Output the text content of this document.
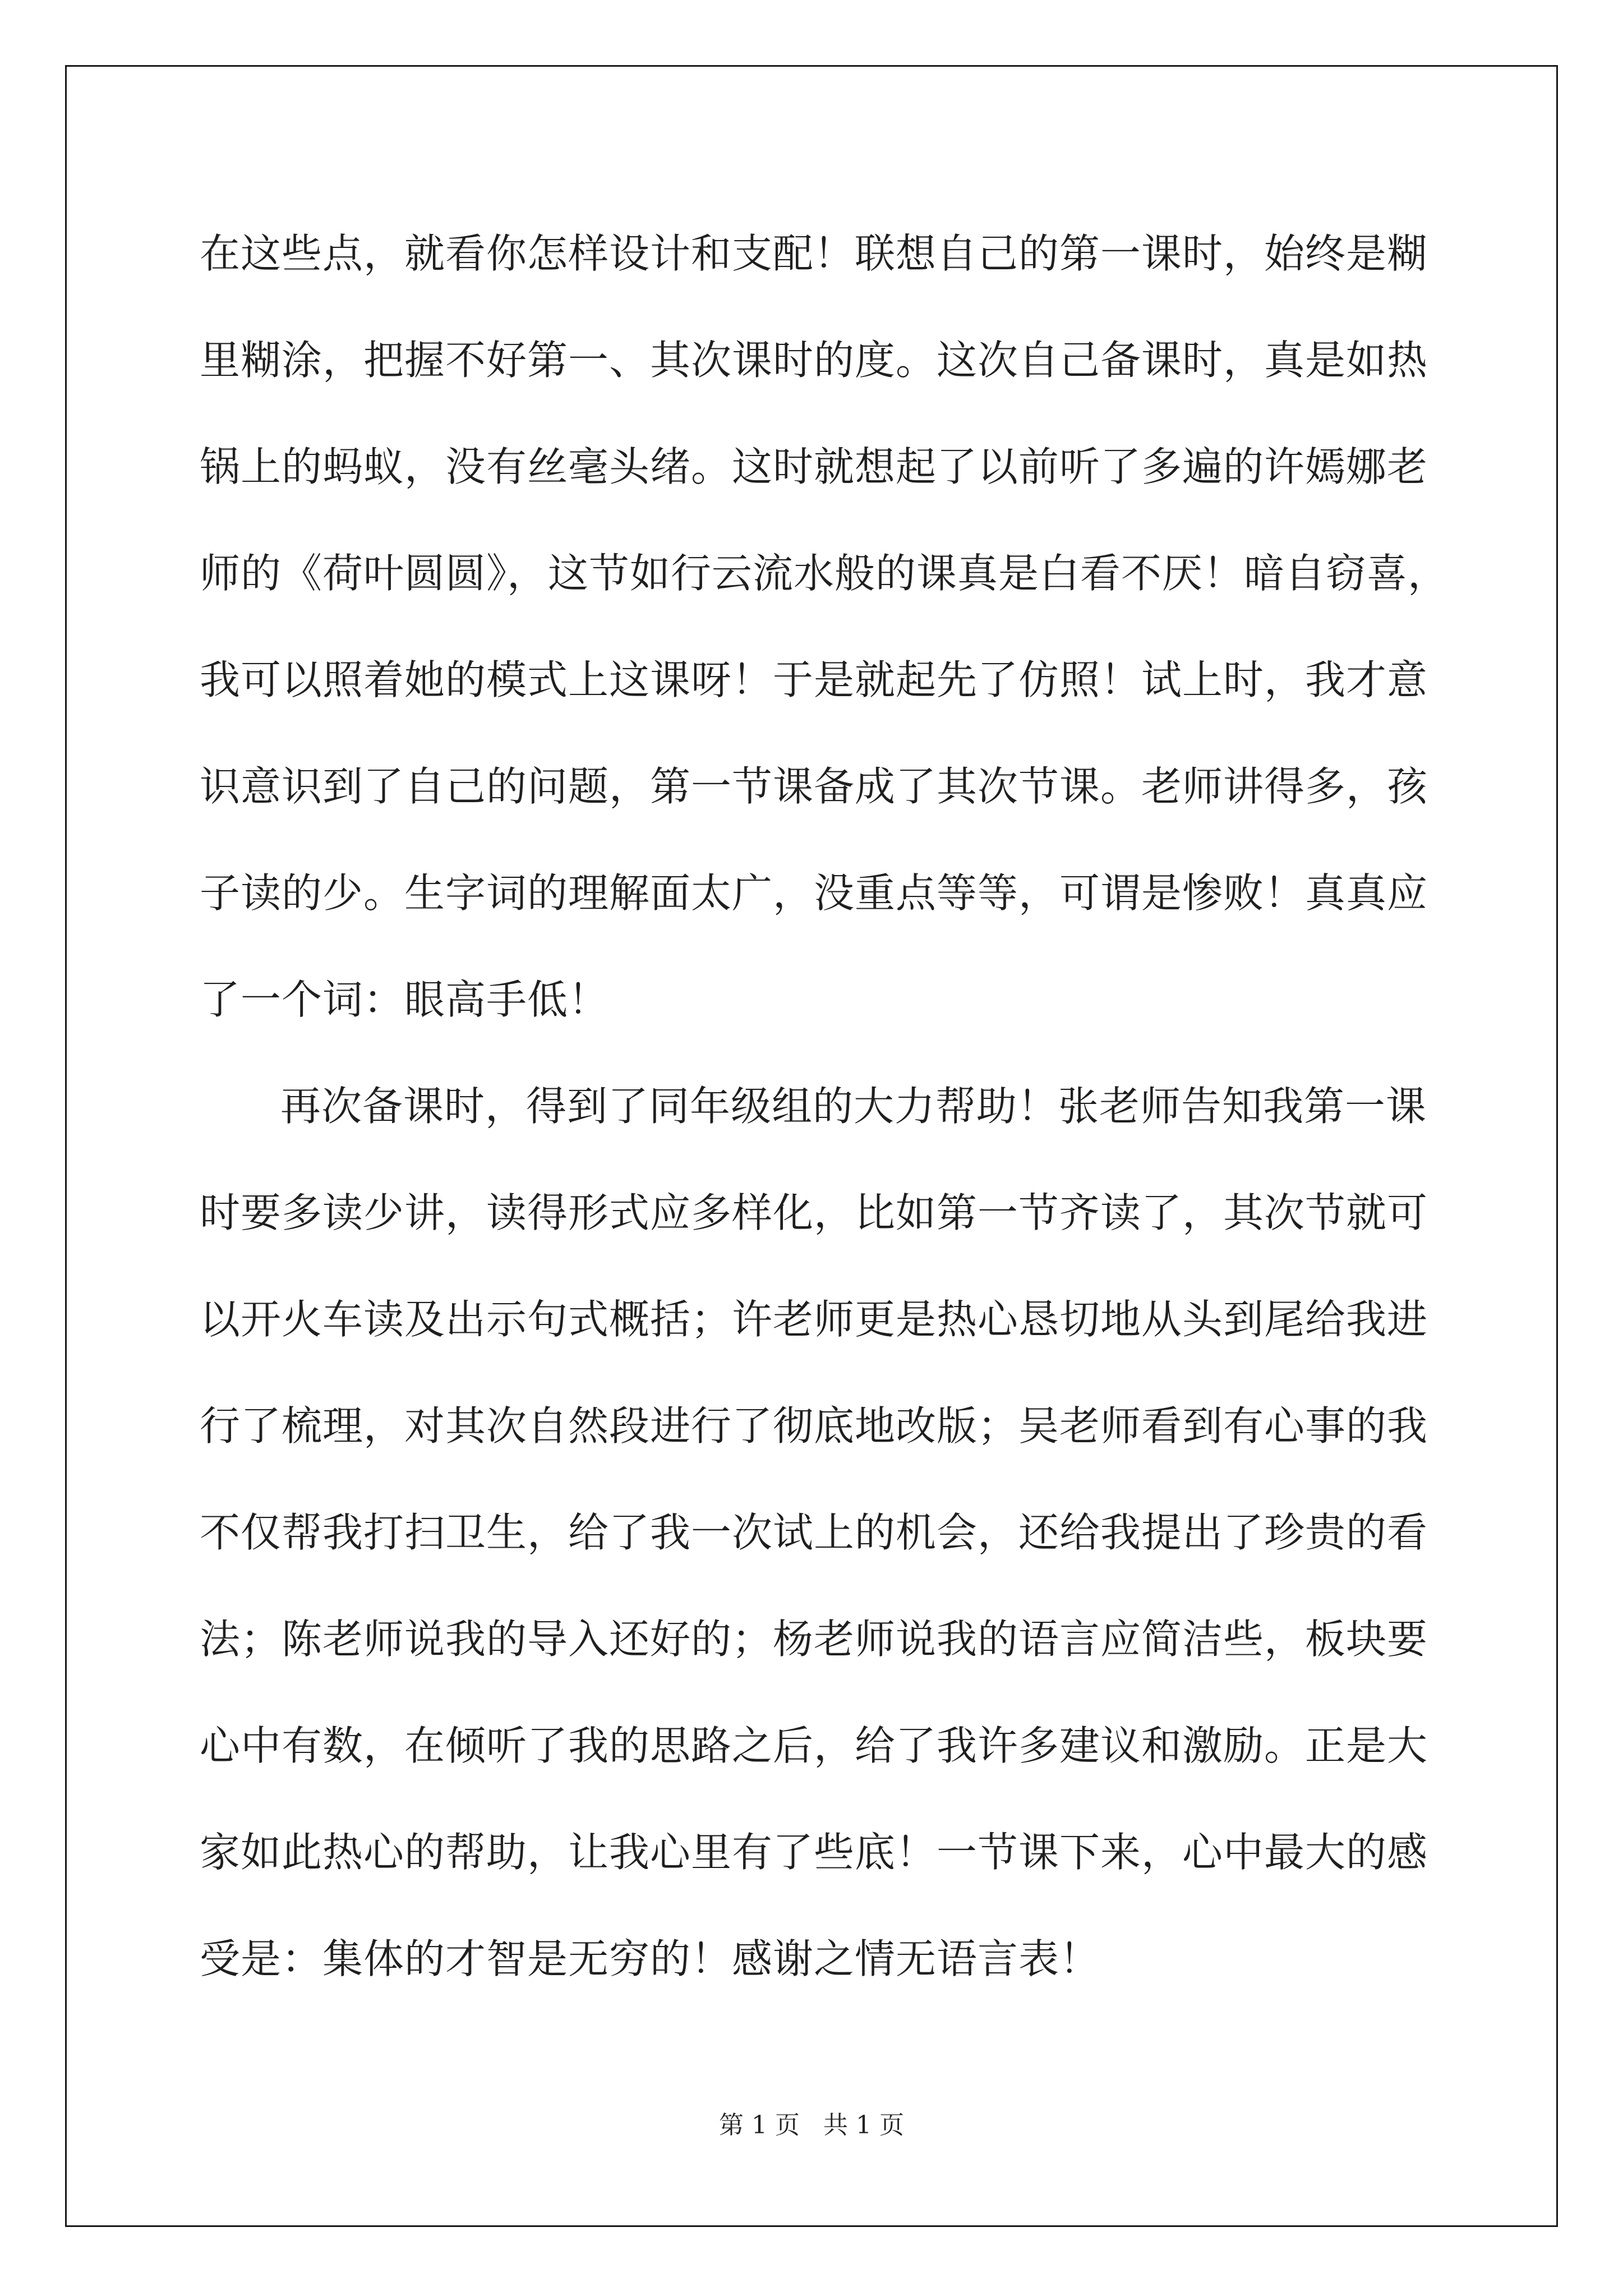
在这些点，就看你怎样设计和支配！联想自己的第一课时，始终是糊
里糊涂，把握不好第一、其次课时的度。这次自己备课时，真是如热
锅上的蚂蚁，没有丝毫头绪。这时就想起了以前听了多遍的许嫣娜老
师的《荷叶圆圆》，这节如行云流水般的课真是白看不厌！暗自窃喜，
我可以照着她的模式上这课呀！于是就起先了仿照！试上时，我才意
识意识到了自己的问题，第一节课备成了其次节课。老师讲得多，孩
子读的少。生字词的理解面太广，没重点等等，可谓是惨败！真真应
了一个词：眼高手低！
再次备课时，得到了同年级组的大力帮助！张老师告知我第一课
时要多读少讲，读得形式应多样化，比如第一节齐读了，其次节就可
以开火车读及出示句式概括；许老师更是热心恳切地从头到尾给我进
行了梳理，对其次自然段进行了彻底地改版；吴老师看到有心事的我
不仅帮我打扫卫生，给了我一次试上的机会，还给我提出了珍贵的看
法；陈老师说我的导入还好的；杨老师说我的语言应简洁些，板块要
心中有数，在倾听了我的思路之后，给了我许多建议和激励。正是大
家如此热心的帮助，让我心里有了些底！一节课下来，心中最大的感
受是：集体的才智是无穷的！感谢之情无语言表！
第 1 页 共 1 页
